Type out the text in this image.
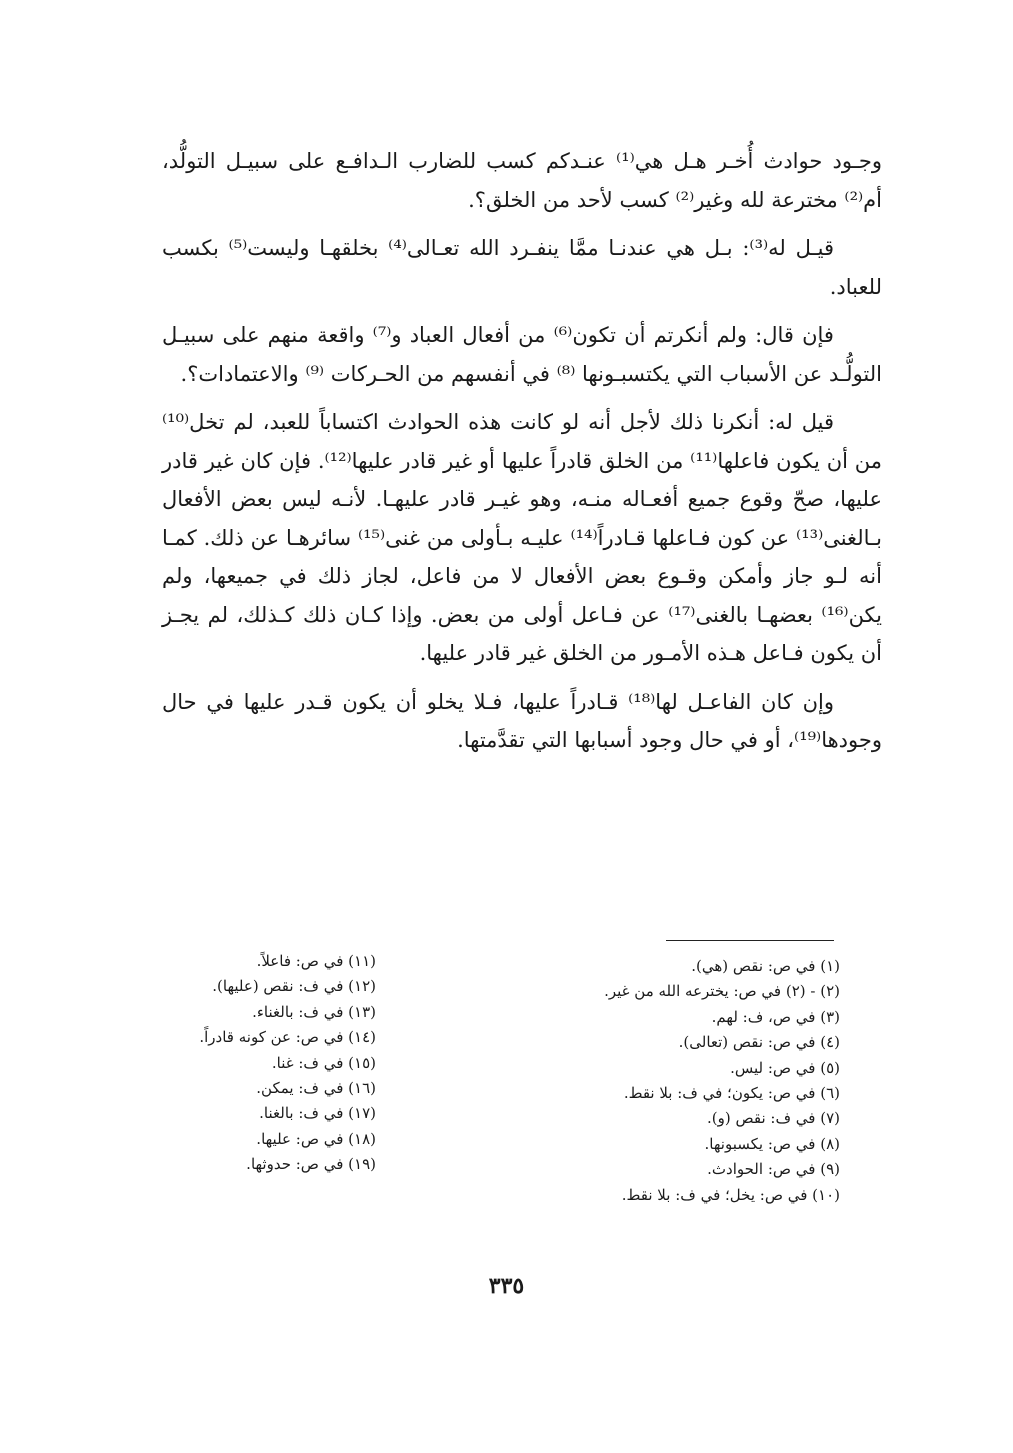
وجـود حوادث أُخـر هـل هي⁽¹⁾ عنـدكم كسب للضارب الـدافـع على سبيـل التولُّد، أم⁽²⁾ مخترعة لله وغير⁽²⁾ كسب لأحد من الخلق؟.

قيـل له⁽³⁾: بـل هي عندنـا ممَّا ينفـرد الله تعـالى⁽⁴⁾ بخلقهـا وليست⁽⁵⁾ بكسب للعباد.

فإن قال: ولم أنكرتم أن تكون⁽⁶⁾ من أفعال العباد و⁽⁷⁾ واقعة منهم على سبيـل التولُّـد عن الأسباب التي يكتسبـونها ⁽⁸⁾ في أنفسهم من الحـركات ⁽⁹⁾ والاعتمادات؟.

قيل له: أنكرنا ذلك لأجل أنه لو كانت هذه الحوادث اكتساباً للعبد، لم تخل⁽¹⁰⁾ من أن يكون فاعلها⁽¹¹⁾ من الخلق قادراً عليها أو غير قادر عليها⁽¹²⁾. فإن كان غير قادر عليها، صحّ وقوع جميع أفعـاله منـه، وهو غيـر قادر عليهـا. لأنـه ليس بعض الأفعال بـالغنى⁽¹³⁾ عن كون فـاعلها قـادراً⁽¹⁴⁾ عليـه بـأولى من غنى⁽¹⁵⁾ سائرهـا عن ذلك. كمـا أنه لـو جاز وأمكن وقـوع بعض الأفعال لا من فاعل، لجاز ذلك في جميعها، ولم يكن⁽¹⁶⁾ بعضهـا بالغنى⁽¹⁷⁾ عن فـاعل أولى من بعض. وإذا كـان ذلك كـذلك، لم يجـز أن يكون فـاعل هـذه الأمـور من الخلق غير قادر عليها.

وإن كان الفاعـل لها⁽¹⁸⁾ قـادراً عليها، فـلا يخلو أن يكون قـدر عليها في حال وجودها⁽¹⁹⁾، أو في حال وجود أسبابها التي تقدَّمتها.

(١) في ص: نقص (هي).
(٢) - (٢) في ص: يخترعه الله من غير.
(٣) في ص، ف: لهم.
(٤) في ص: نقص (تعالى).
(٥) في ص: ليس.
(٦) في ص: يكون؛ في ف: بلا نقط.
(٧) في ف: نقص (و).
(٨) في ص: يكسبونها.
(٩) في ص: الحوادث.
(١٠) في ص: يخل؛ في ف: بلا نقط.
(١١) في ص: فاعلاً.
(١٢) في ف: نقص (عليها).
(١٣) في ف: بالغناء.
(١٤) في ص: عن كونه قادراً.
(١٥) في ف: غنا.
(١٦) في ف: يمكن.
(١٧) في ف: بالغنا.
(١٨) في ص: عليها.
(١٩) في ص: حدوثها.
٣٣٥
